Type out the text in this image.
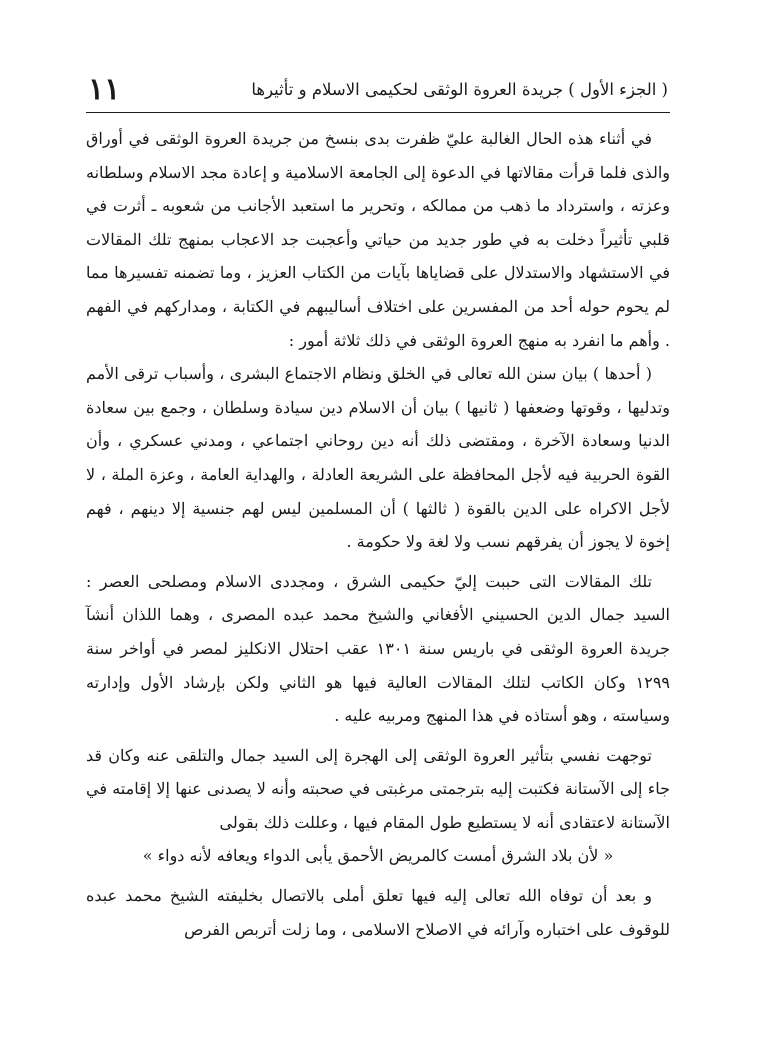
( الجزء الأول ) جريدة العروة الوثقى لحكيمى الاسلام و تأثيرها
١١

في أثناء هذه الحال الغالبة عليّ ظفرت بدى بنسخ من جريدة العروة الوثقى في أوراق والذى فلما قرأت مقالاتها في الدعوة إلى الجامعة الاسلامية و إعادة مجد الاسلام وسلطانه وعزته ، واسترداد ما ذهب من ممالكه ، وتحرير ما استعبد الأجانب من شعوبه ـ أثرت في قلبي تأثيراً دخلت به في طور جديد من حياتي وأعجبت جد الاعجاب بمنهج تلك المقالات في الاستشهاد والاستدلال على قضاياها بآيات من الكتاب العزيز ، وما تضمنه تفسيرها مما لم يحوم حوله أحد من المفسرين على اختلاف أساليبهم في الكتابة ، ومداركهم في الفهم . وأهم ما انفرد به منهج العروة الوثقى في ذلك ثلاثة أمور :

( أحدها ) بيان سنن الله تعالى في الخلق ونظام الاجتماع البشرى ، وأسباب ترقى الأمم وتدليها ، وقوتها وضعفها ( ثانيها ) بيان أن الاسلام دين سيادة وسلطان ، وجمع بين سعادة الدنيا وسعادة الآخرة ، ومقتضى ذلك أنه دين روحاني اجتماعي ، ومدني عسكري ، وأن القوة الحربية فيه لأجل المحافظة على الشريعة العادلة ، والهداية العامة ، وعزة الملة ، لا لأجل الاكراه على الدين بالقوة ( ثالثها ) أن المسلمين ليس لهم جنسية إلا دينهم ، فهم إخوة لا يجوز أن يفرقهم نسب ولا لغة ولا حكومة .

تلك المقالات التى حببت إليّ حكيمى الشرق ، ومجددى الاسلام ومصلحى العصر : السيد جمال الدين الحسيني الأفغاني والشيخ محمد عبده المصرى ، وهما اللذان أنشآ جريدة العروة الوثقى في باريس سنة ١٣٠١ عقب احتلال الانكليز لمصر في أواخر سنة ١٢٩٩ وكان الكاتب لتلك المقالات العالية فيها هو الثاني ولكن بإرشاد الأول وإدارته وسياسته ، وهو أستاذه في هذا المنهج ومربيه عليه .

توجهت نفسي بتأثير العروة الوثقى إلى الهجرة إلى السيد جمال والتلقى عنه وكان قد جاء إلى الآستانة فكتبت إليه بترجمتى مرغبتى في صحبته وأنه لا يصدنى عنها إلا إقامته في الآستانة لاعتقادى أنه لا يستطيع طول المقام فيها ، وعللت ذلك بقولى

« لأن بلاد الشرق أمست كالمريض الأحمق يأبى الدواء ويعافه لأنه دواء »

و بعد أن توفاه الله تعالى إليه فيها تعلق أملى بالاتصال بخليفته الشيخ محمد عبده للوقوف على اختباره وآرائه في الاصلاح الاسلامى ، وما زلت أتربص الفرص
